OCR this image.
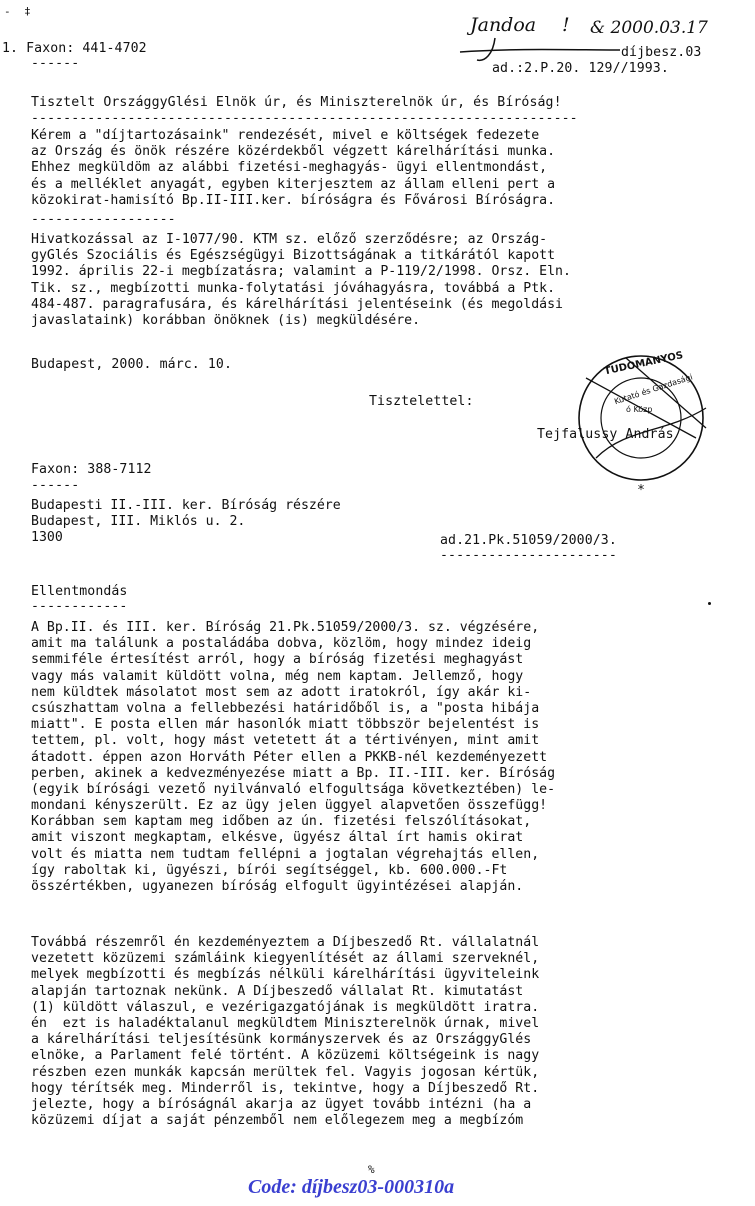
-  ‡
Jandoa ! & 2000.03.17
1. Faxon: 441-4702
------
díjbesz.03
ad.:2.P.20. 129//1993.
Tisztelt OrszággyGlési Elnök úr, és Miniszterelnök úr, és Bíróság!
--------------------------------------------------------------------
Kérem a "díjtartozásaink" rendezését, mivel e költségek fedezete
az Ország és önök részére közérdekből végzett kárelhárítási munka.
Ehhez megküldöm az alábbi fizetési-meghagyás- ügyi ellentmondást,
és a melléklet anyagát, egyben kiterjesztem az állam elleni pert a
közokirat-hamisító Bp.II-III.ker. bíróságra és Fővárosi Bíróságra.
------------------
Hivatkozással az I-1077/90. KTM sz. előző szerződésre; az Ország-
gyGlés Szociális és Egészségügyi Bizottságának a titkárától kapott
1992. április 22-i megbízatásra; valamint a P-119/2/1998. Orsz. Eln.
Tik. sz., megbízotti munka-folytatási jóváhagyásra, továbbá a Ptk.
484-487. paragrafusára, és kárelhárítási jelentéseink (és megoldási
javaslataink) korábban önöknek (is) megküldésére.
Budapest, 2000. márc. 10.
Tisztelettel:
TUDOMÁNYOS
Kutató és Gazdasági
ó Közp
*
Tejfalussy András
Faxon: 388-7112
------
Budapesti II.-III. ker. Bíróság részére
Budapest, III. Miklós u. 2.
1300	ad.21.Pk.51059/2000/3.
----------------------
Ellentmondás
------------
A Bp.II. és III. ker. Bíróság 21.Pk.51059/2000/3. sz. végzésére,
amit ma találunk a postaládába dobva, közlöm, hogy mindez ideig
semmiféle értesítést arról, hogy a bíróság fizetési meghagyást
vagy más valamit küldött volna, még nem kaptam. Jellemző, hogy
nem küldtek másolatot most sem az adott iratokról, így akár ki-
csúszhattam volna a fellebbezési határidőből is, a "posta hibája
miatt". E posta ellen már hasonlók miatt többször bejelentést is
tettem, pl. volt, hogy mást vetetett át a tértivényen, mint amit
átadott. éppen azon Horváth Péter ellen a PKKB-nél kezdeményezett
perben, akinek a kedvezményezése miatt a Bp. II.-III. ker. Bíróság
(egyik bírósági vezető nyilvánvaló elfogultsága következtében) le-
mondani kényszerült. Ez az ügy jelen üggyel alapvetően összefügg!
Korábban sem kaptam meg időben az ún. fizetési felszólításokat,
amit viszont megkaptam, elkésve, ügyész által írt hamis okirat
volt és miatta nem tudtam fellépni a jogtalan végrehajtás ellen,
így raboltak ki, ügyészi, bírói segítséggel, kb. 600.000.-Ft
összértékben, ugyanezen bíróság elfogult ügyintézései alapján.
Továbbá részemről én kezdeményeztem a Díjbeszedő Rt. vállalatnál
vezetett közüzemi számláink kiegyenlítését az állami szerveknél,
melyek megbízotti és megbízás nélküli kárelhárítási ügyviteleink
alapján tartoznak nekünk. A Díjbeszedő vállalat Rt. kimutatást
(1) küldött válaszul, e vezérigazgatójának is megküldött iratra.
én  ezt is haladéktalanul megküldtem Miniszterelnök úrnak, mivel
a kárelhárítási teljesítésünk kormányszervek és az OrszággyGlés
elnöke, a Parlament felé történt. A közüzemi költségeink is nagy
részben ezen munkák kapcsán merültek fel. Vagyis jogosan kértük,
hogy térítsék meg. Minderről is, tekintve, hogy a Díjbeszedő Rt.
jelezte, hogy a bíróságnál akarja az ügyet tovább intézni (ha a
közüzemi díjat a saját pénzemből nem előlegezem meg a megbízóm
%
Code: díjbesz03-000310a
